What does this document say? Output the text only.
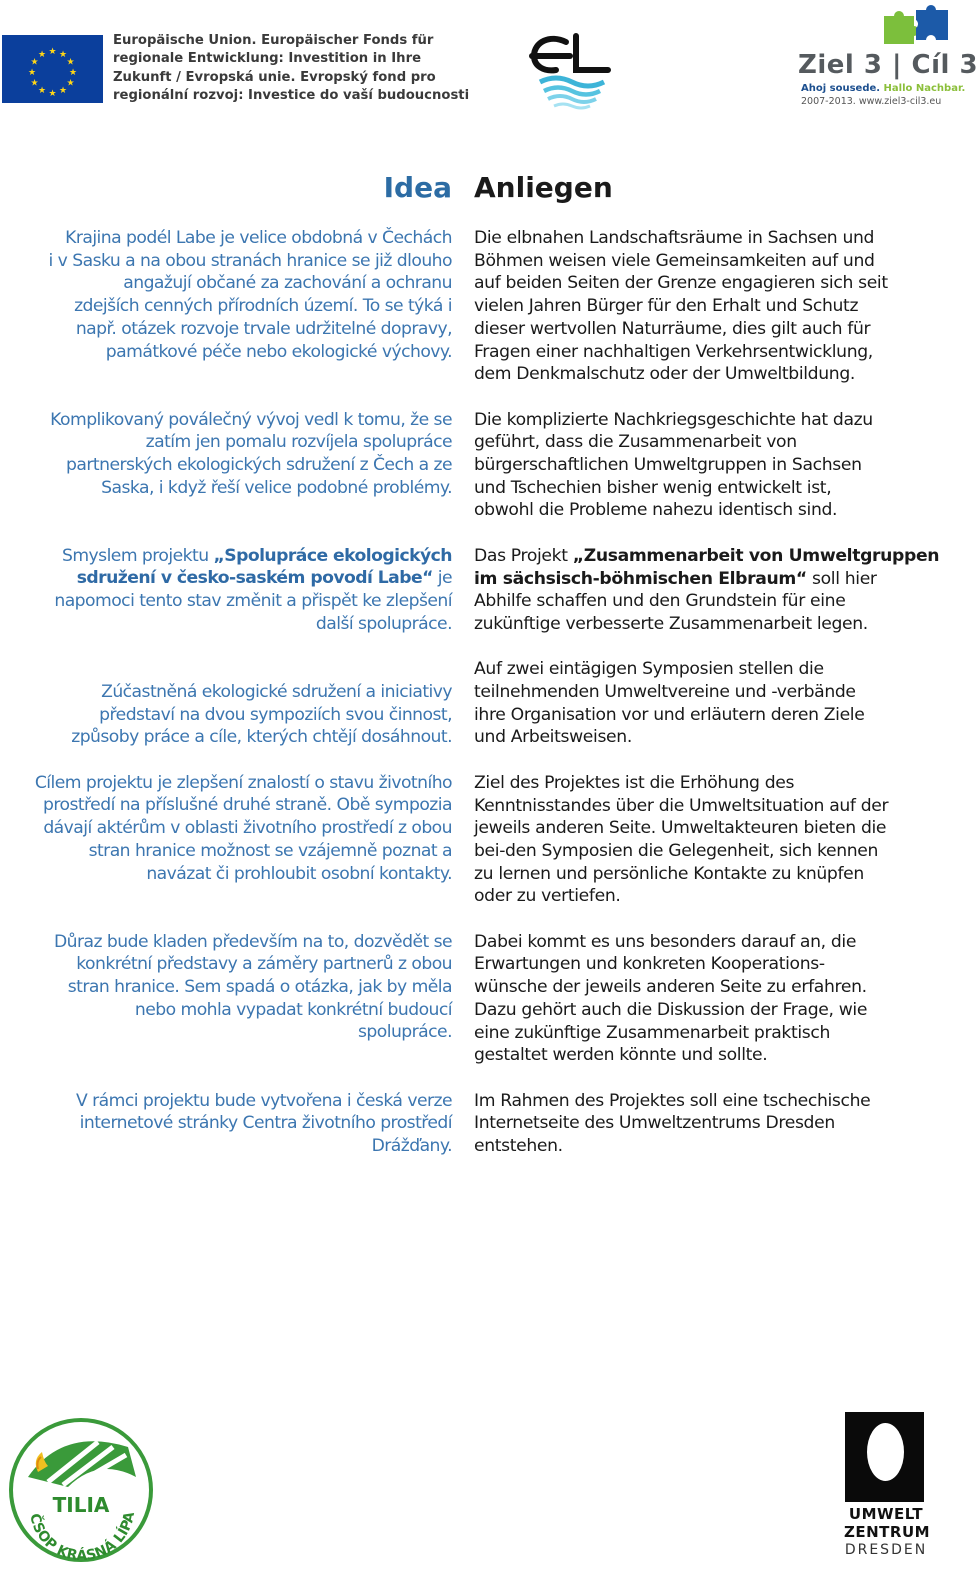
★ ★
★
★
★
★
★
★
★
★
★
★
Europäische Union. Europäischer Fonds für
regionale Entwicklung: Investition in Ihre
Zukunft / Evropská unie. Evropský fond pro
regionální rozvoj: Investice do vaší budoucnosti
Ziel 3 | Cíl 3
Ahoj sousede. Hallo Nachbar.
2007-2013. www.ziel3-cil3.eu
Idea Anliegen

Krajina podél Labe je velice obdobná v Čechách
i v Sasku a na obou stranách hranice se již dlouho
angažují občané za zachování a ochranu
zdejších cenných přírodních území. To se týká i
např. otázek rozvoje trvale udržitelné dopravy,
památkové péče nebo ekologické výchovy.

Komplikovaný poválečný vývoj vedl k tomu, že se
zatím jen pomalu rozvíjela spolupráce
partnerských ekologických sdružení z Čech a ze
Saska, i když řeší velice podobné problémy.

Smyslem projektu „Spolupráce ekologických
sdružení v česko-saském povodí Labe“ je
napomoci tento stav změnit a přispět ke zlepšení
další spolupráce.

Zúčastněná ekologické sdružení a iniciativy
představí na dvou sympoziích svou činnost,
způsoby práce a cíle, kterých chtějí dosáhnout.

Cílem projektu je zlepšení znalostí o stavu životního
prostředí na příslušné druhé straně. Obě sympozia
dávají aktérům v oblasti životního prostředí z obou
stran hranice možnost se vzájemně poznat a
navázat či prohloubit osobní kontakty.

Důraz bude kladen především na to, dozvědět se
konkrétní představy a záměry partnerů z obou
stran hranice. Sem spadá o otázka, jak by měla
nebo mohla vypadat konkrétní budoucí
spolupráce.

V rámci projektu bude vytvořena i česká verze
internetové stránky Centra životního prostředí
Drážďany.

Die elbnahen Landschaftsräume in Sachsen und
Böhmen weisen viele Gemeinsamkeiten auf und
auf beiden Seiten der Grenze engagieren sich seit
vielen Jahren Bürger für den Erhalt und Schutz
dieser wertvollen Naturräume, dies gilt auch für
Fragen einer nachhaltigen Verkehrsentwicklung,
dem Denkmalschutz oder der Umweltbildung.

Die komplizierte Nachkriegsgeschichte hat dazu
geführt, dass die Zusammenarbeit von
bürgerschaftlichen Umweltgruppen in Sachsen
und Tschechien bisher wenig entwickelt ist,
obwohl die Probleme nahezu identisch sind.

Das Projekt „Zusammenarbeit von Umweltgruppen
im sächsisch-böhmischen Elbraum“ soll hier
Abhilfe schaffen und den Grundstein für eine
zukünftige verbesserte Zusammenarbeit legen.

Auf zwei eintägigen Symposien stellen die
teilnehmenden Umweltvereine und -verbände
ihre Organisation vor und erläutern deren Ziele
und Arbeitsweisen.

Ziel des Projektes ist die Erhöhung des
Kenntnisstandes über die Umweltsituation auf der
jeweils anderen Seite. Umweltakteuren bieten die
bei-den Symposien die Gelegenheit, sich kennen
zu lernen und persönliche Kontakte zu knüpfen
oder zu vertiefen.

Dabei kommt es uns besonders darauf an, die
Erwartungen und konkreten Kooperations-
wünsche der jeweils anderen Seite zu erfahren.
Dazu gehört auch die Diskussion der Frage, wie
eine zukünftige Zusammenarbeit praktisch
gestaltet werden könnte und sollte.

Im Rahmen des Projektes soll eine tschechische
Internetseite des Umweltzentrums Dresden
entstehen.

TILIA
ČSOP KRÁSNÁ LÍPA	UMWELT
ZENTRUM
DRESDEN
